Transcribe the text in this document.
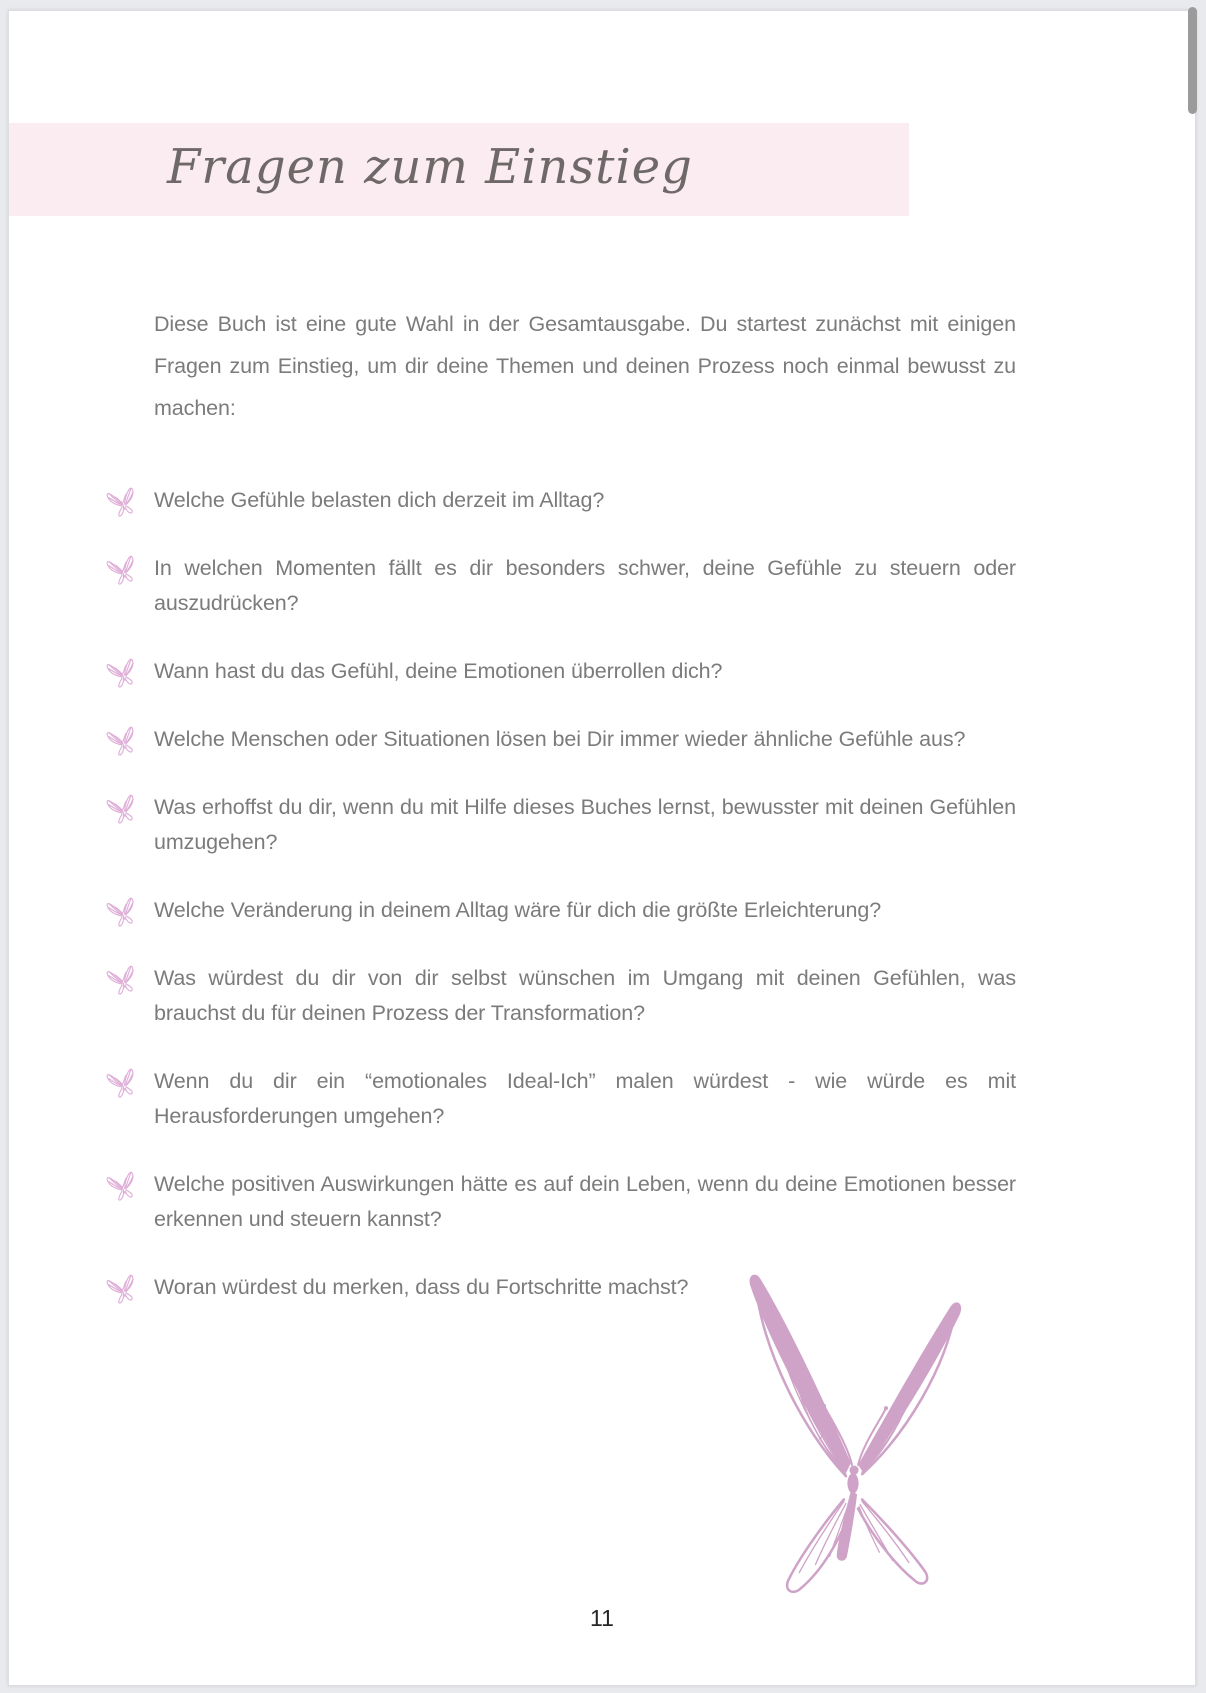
Fragen zum Einstieg

Diese Buch ist eine gute Wahl in der Gesamtausgabe. Du startest zunächst mit einigen Fragen zum Einstieg, um dir deine Themen und deinen Prozess noch einmal bewusst zu machen:

Welche Gefühle belasten dich derzeit im Alltag?
In welchen Momenten fällt es dir besonders schwer, deine Gefühle zu steuern oder auszudrücken?
Wann hast du das Gefühl, deine Emotionen überrollen dich?
Welche Menschen oder Situationen lösen bei Dir immer wieder ähnliche Gefühle aus?
Was erhoffst du dir, wenn du mit Hilfe dieses Buches lernst, bewusster mit deinen Gefühlen umzugehen?
Welche Veränderung in deinem Alltag wäre für dich die größte Erleichterung?
Was würdest du dir von dir selbst wünschen im Umgang mit deinen Gefühlen, was brauchst du für deinen Prozess der Transformation?
Wenn du dir ein “emotionales Ideal-Ich” malen würdest - wie würde es mit Herausforderungen umgehen?
Welche positiven Auswirkungen hätte es auf dein Leben, wenn du deine Emotionen besser erkennen und steuern kannst?
Woran würdest du merken, dass du Fortschritte machst?
11
